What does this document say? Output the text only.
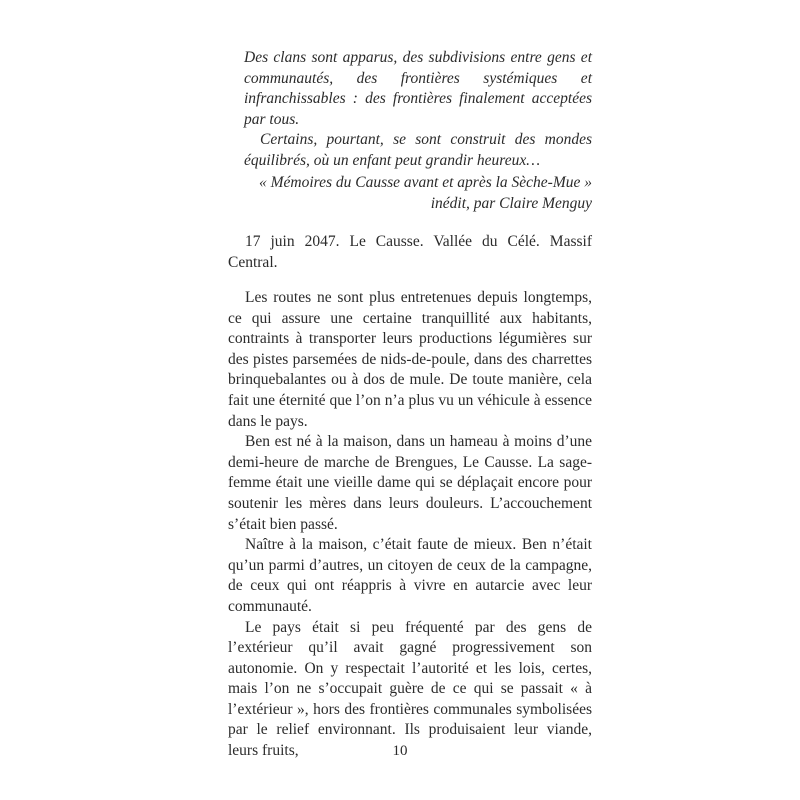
Des clans sont apparus, des subdivisions entre gens et communautés, des frontières systémiques et infranchissables : des frontières finalement acceptées par tous.

Certains, pourtant, se sont construit des mondes équilibrés, où un enfant peut grandir heureux…

« Mémoires du Causse avant et après la Sèche-Mue »
inédit, par Claire Menguy
17 juin 2047. Le Causse. Vallée du Célé. Massif Central.

Les routes ne sont plus entretenues depuis longtemps, ce qui assure une certaine tranquillité aux habitants, contraints à transporter leurs productions légumières sur des pistes parsemées de nids-de-poule, dans des charrettes brinquebalantes ou à dos de mule. De toute manière, cela fait une éternité que l’on n’a plus vu un véhicule à essence dans le pays.

Ben est né à la maison, dans un hameau à moins d’une demi-heure de marche de Brengues, Le Causse. La sage-femme était une vieille dame qui se déplaçait encore pour soutenir les mères dans leurs douleurs. L’accouchement s’était bien passé.

Naître à la maison, c’était faute de mieux. Ben n’était qu’un parmi d’autres, un citoyen de ceux de la campagne, de ceux qui ont réappris à vivre en autarcie avec leur communauté.

Le pays était si peu fréquenté par des gens de l’extérieur qu’il avait gagné progressivement son autonomie. On y respectait l’autorité et les lois, certes, mais l’on ne s’occupait guère de ce qui se passait « à l’extérieur », hors des frontières communales symbolisées par le relief environnant. Ils produisaient leur viande, leurs fruits,	10
